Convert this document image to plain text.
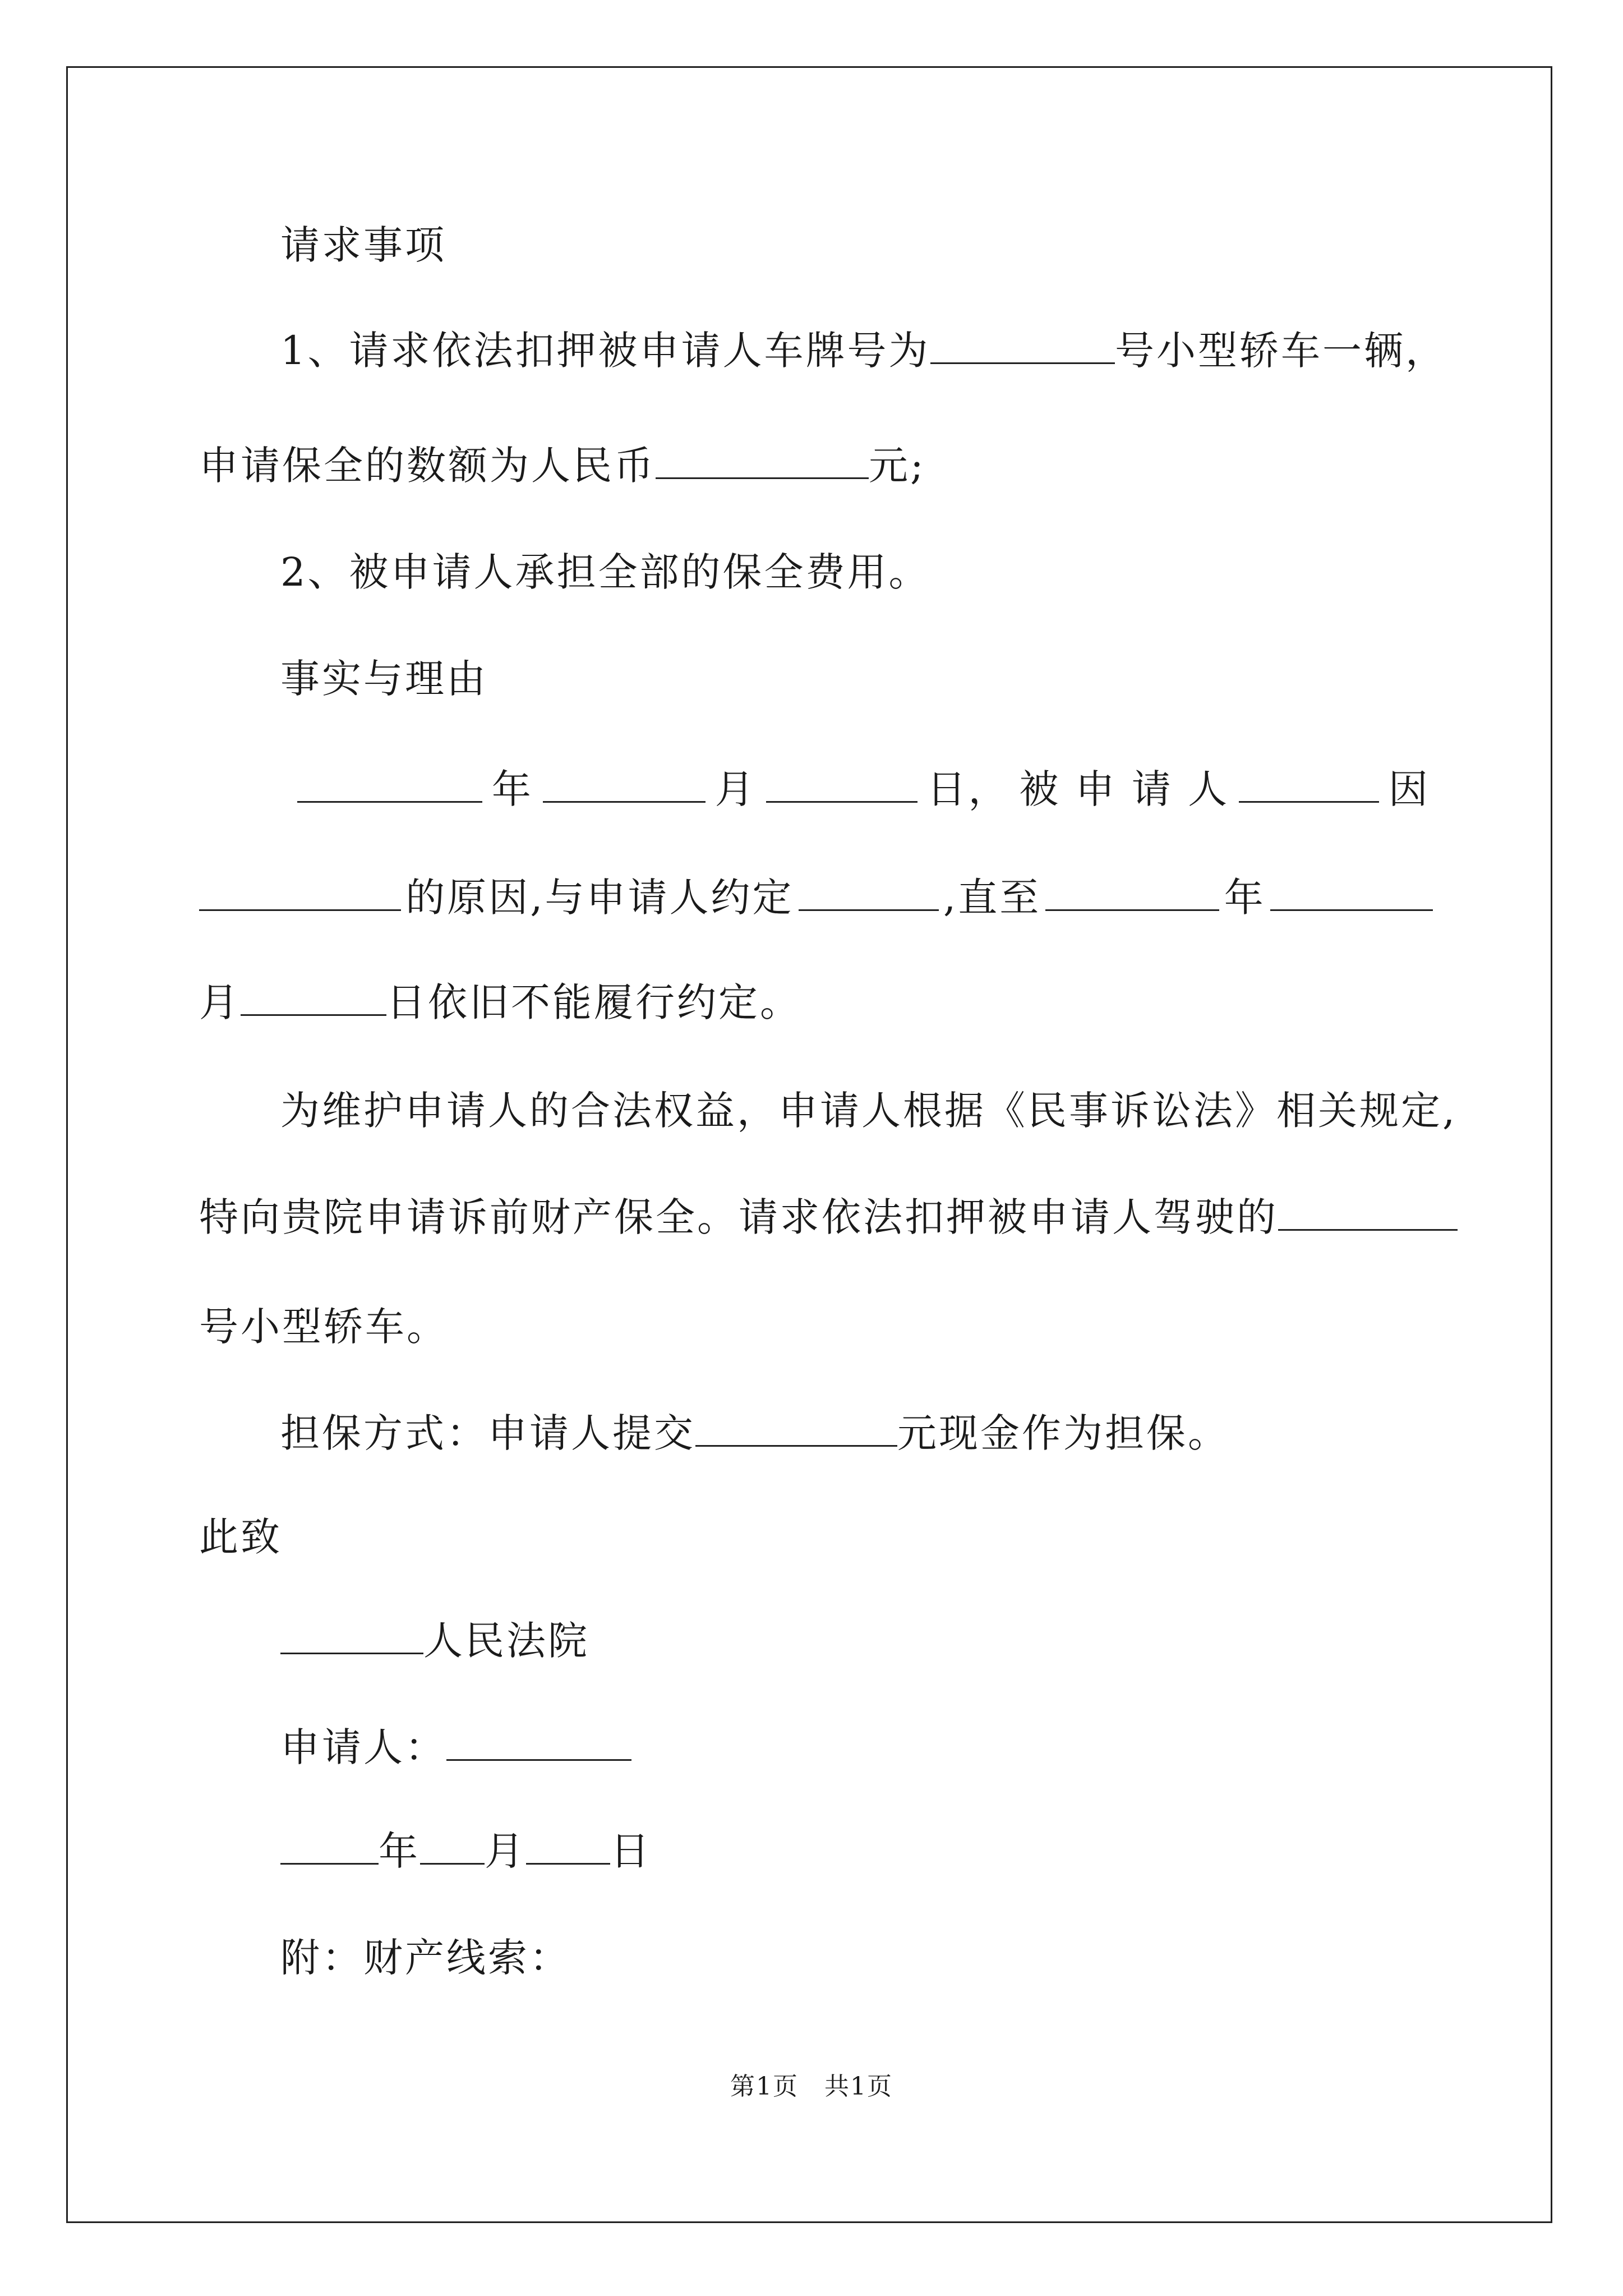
请求事项
1、请求依法扣押被申请人车牌号为	号小型轿车一辆，
申请保全的数额为人民币	元;
2、被申请人承担全部的保全费用。
事实与理由
年	月	日， 被 申 请 人	因
的原因,与申请人约定	,直至	年
月	日依旧不能履行约定。
为维护申请人的合法权益，申请人根据《民事诉讼法》相关规定,
特向贵院申请诉前财产保全。请求依法扣押被申请人驾驶的
号小型轿车。
担保方式：申请人提交	元现金作为担保。
此致
人民法院
申请人：
年 月 日
附：财产线索：
第1页　共1页
